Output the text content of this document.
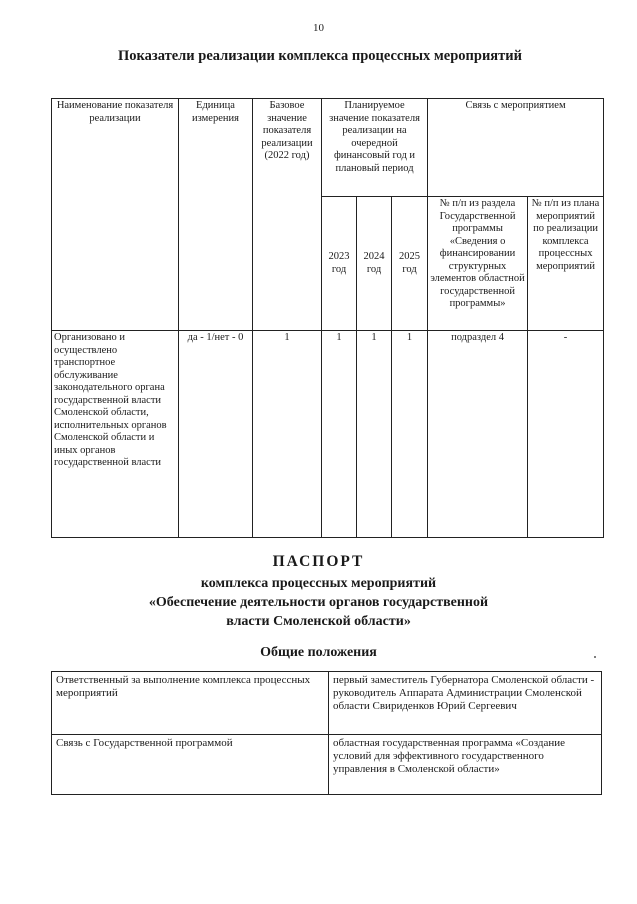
10
Показатели реализации комплекса процессных мероприятий
Наименование показателя реализации	Единица измерения	Базовое значение показателя реализации (2022 год)	Планируемое значение показателя реализации на очередной финансовый год и плановый период			Связь с мероприятием	
			2023 год	2024 год	2025 год	№ п/п из раздела Государственной программы «Сведения о финансировании структурных элементов областной государственной программы»	№ п/п из плана мероприятий по реализации комплекса процессных мероприятий
Организовано и осуществлено транспортное обслуживание законодательного органа государственной власти Смоленской области, исполнительных органов Смоленской области и иных органов государственной власти	да - 1/нет - 0	1	1	1	1	подраздел 4	-
ПАСПОРТ
комплекса процессных мероприятий
«Обеспечение деятельности органов государственной
власти Смоленской области»
Общие положения
Ответственный за выполнение комплекса процессных мероприятий	первый заместитель Губернатора Смоленской области - руководитель Аппарата Администрации Смоленской области Свириденков Юрий Сергеевич
Связь с Государственной программой	областная государственная программа «Создание условий для эффективного государственного управления в Смоленской области»
